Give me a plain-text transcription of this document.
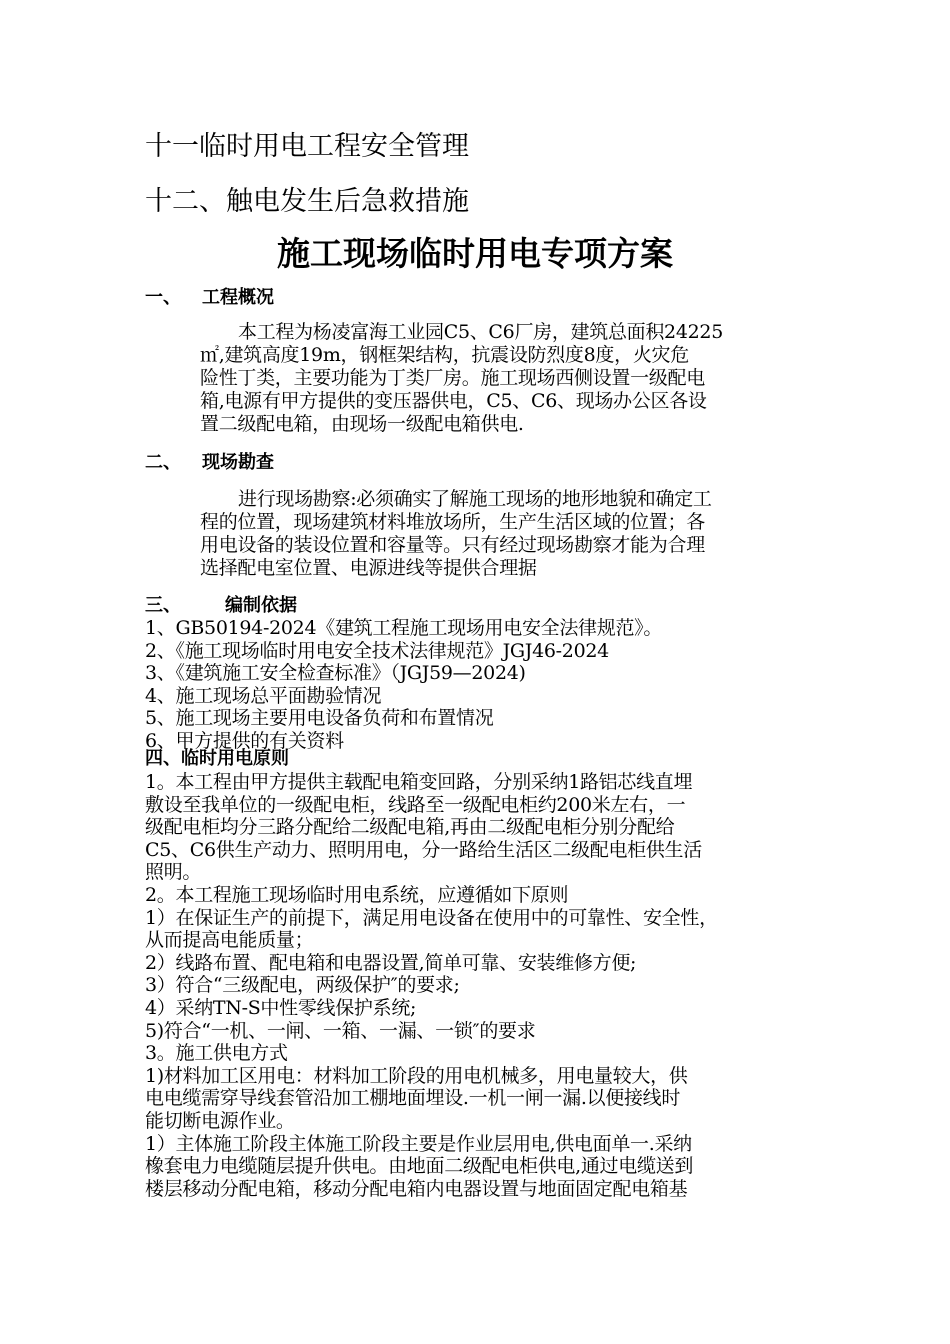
十一临时用电工程安全管理
十二、触电发生后急救措施
施工现场临时用电专项方案
一、 工程概况
本工程为杨凌富海工业园C5、C6厂房，建筑总面积24225
㎡,建筑高度19m，钢框架结构，抗震设防烈度8度，火灾危
险性丁类，主要功能为丁类厂房。施工现场西侧设置一级配电
箱,电源有甲方提供的变压器供电，C5、C6、现场办公区各设
置二级配电箱，由现场一级配电箱供电.
二、 现场勘查
进行现场勘察:必须确实了解施工现场的地形地貌和确定工
程的位置，现场建筑材料堆放场所，生产生活区域的位置；各
用电设备的装设位置和容量等。只有经过现场勘察才能为合理
选择配电室位置、电源进线等提供合理据
三、 编制依据
1、GB50194-2024《建筑工程施工现场用电安全法律规范》。
2、《施工现场临时用电安全技术法律规范》JGJ46-2024
3、《建筑施工安全检查标准》（JGJ59—2024)
4、施工现场总平面勘验情况
5、施工现场主要用电设备负荷和布置情况
6、甲方提供的有关资料
四、临时用电原则
1。本工程由甲方提供主载配电箱变回路，分别采纳1路铝芯线直埋
敷设至我单位的一级配电柜，线路至一级配电柜约200米左右，一
级配电柜均分三路分配给二级配电箱,再由二级配电柜分别分配给
C5、C6供生产动力、照明用电，分一路给生活区二级配电柜供生活
照明。
2。本工程施工现场临时用电系统，应遵循如下原则
1）在保证生产的前提下，满足用电设备在使用中的可靠性、安全性，
从而提高电能质量；
2）线路布置、配电箱和电器设置,简单可靠、安装维修方便;
3）符合“三级配电，两级保护″的要求;
4）采纳TN-S中性零线保护系统;
5)符合“一机、一闸、一箱、一漏、一锁″的要求
3。施工供电方式
1)材料加工区用电：材料加工阶段的用电机械多，用电量较大，供
电电缆需穿导线套管沿加工棚地面埋设.一机一闸一漏.以便接线时
能切断电源作业。
1）主体施工阶段主体施工阶段主要是作业层用电,供电面单一.采纳
橡套电力电缆随层提升供电。由地面二级配电柜供电,通过电缆送到
楼层移动分配电箱，移动分配电箱内电器设置与地面固定配电箱基
